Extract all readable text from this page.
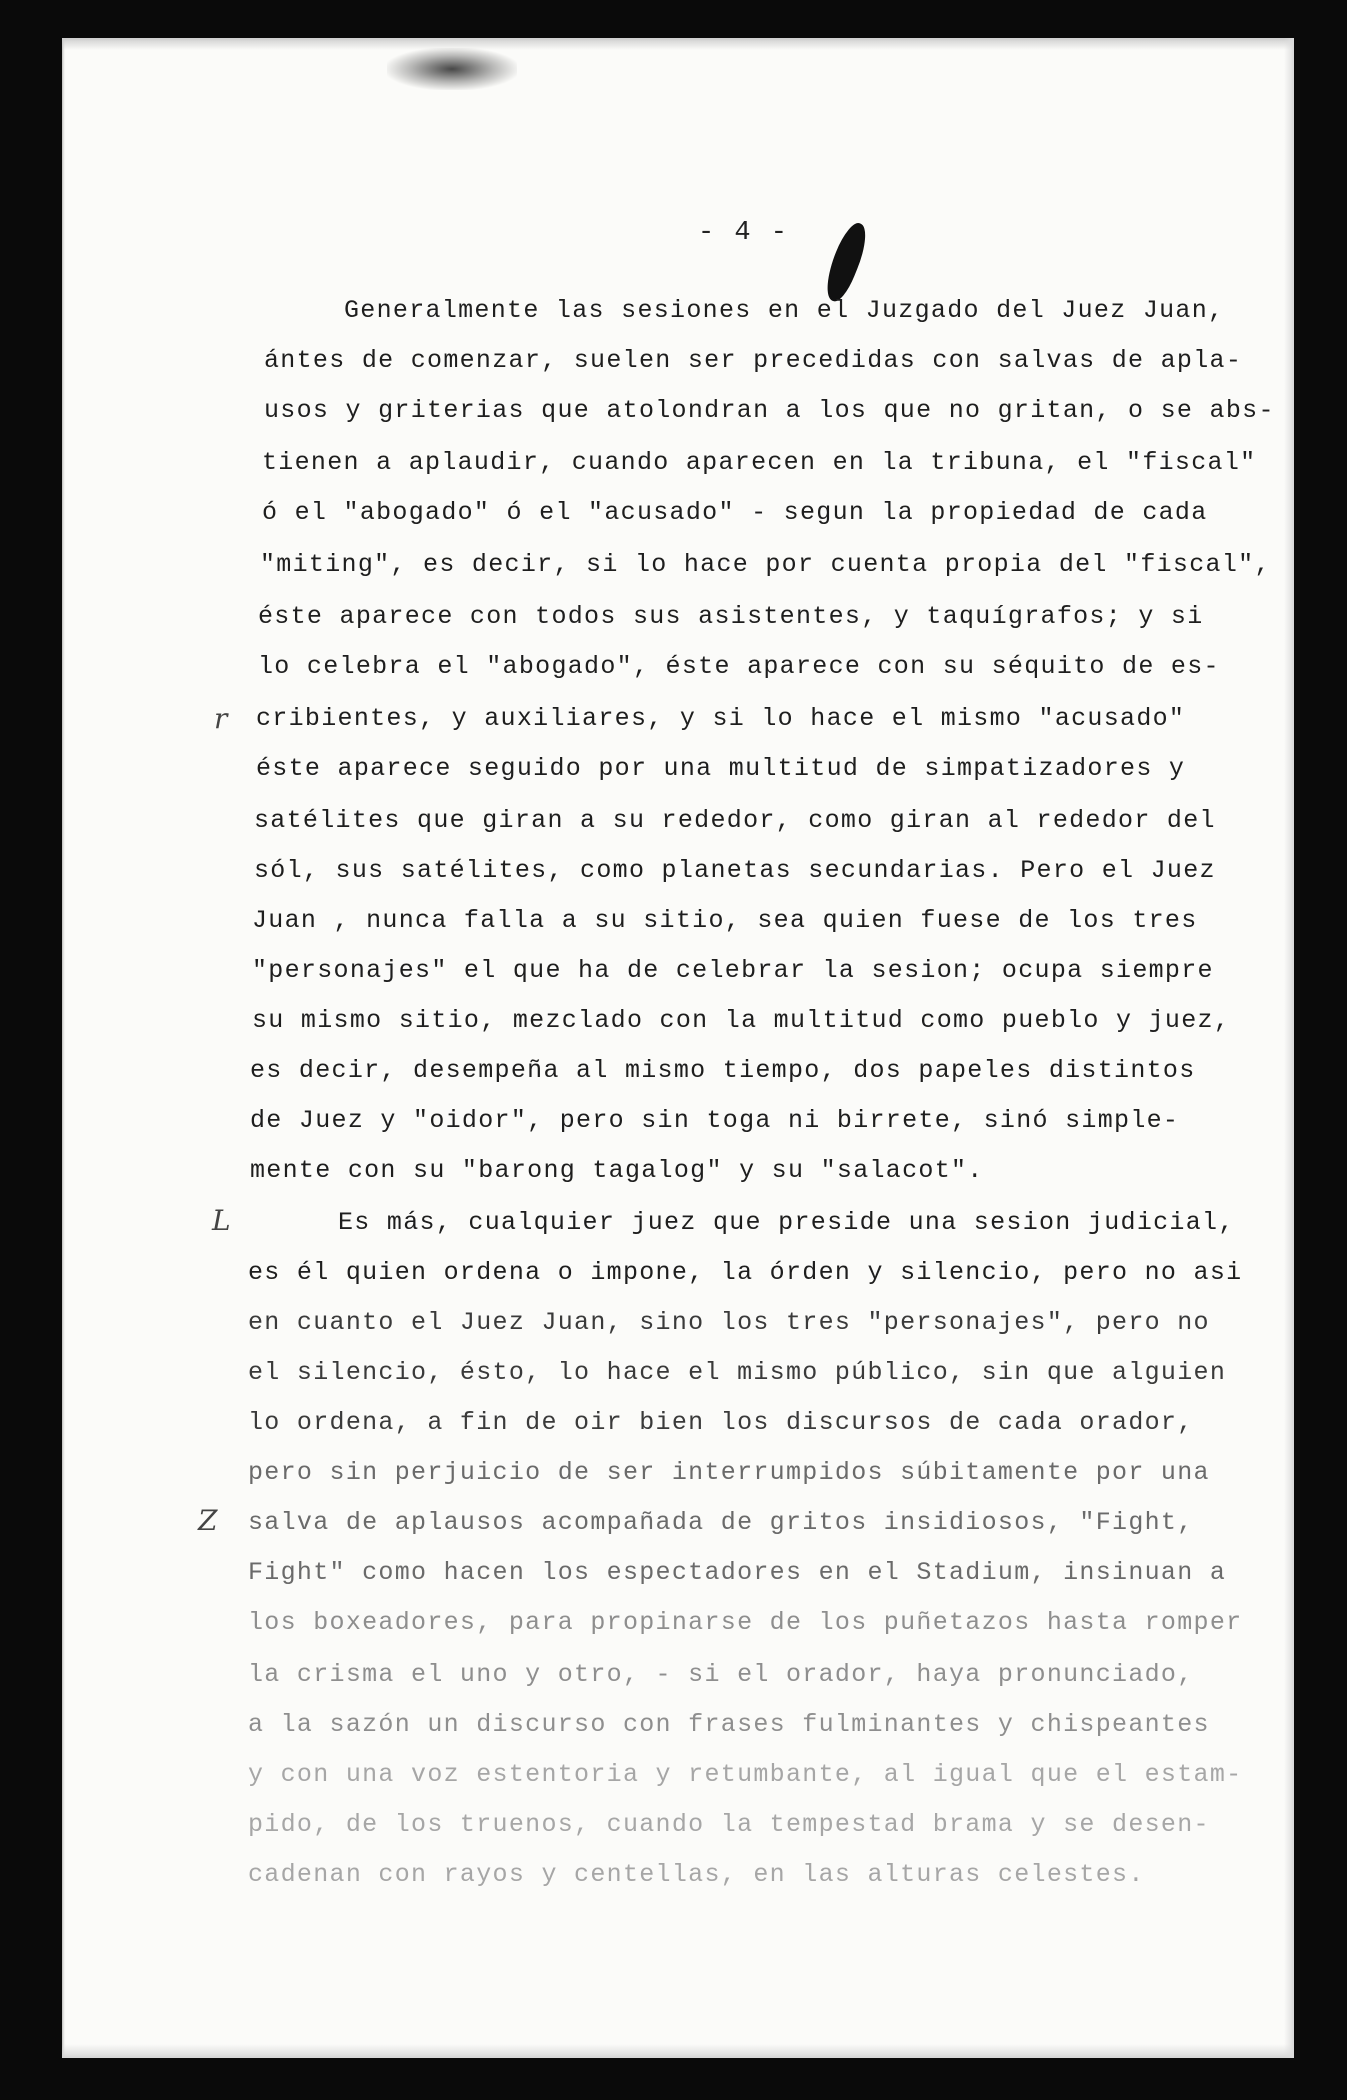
- 4 -
Generalmente las sesiones en el Juzgado del Juez Juan,
ántes de comenzar, suelen ser precedidas con salvas de apla-
usos y griterias que atolondran a los que no gritan, o se abs-
tienen a aplaudir, cuando aparecen en la tribuna, el "fiscal"
ó el "abogado" ó el "acusado" - segun la propiedad de cada
"miting", es decir, si lo hace por cuenta propia del "fiscal",
éste aparece con todos sus asistentes, y taquígrafos; y si
lo celebra el "abogado", éste aparece con su séquito de es-
cribientes, y auxiliares, y si lo hace el mismo "acusado"
éste aparece seguido por una multitud de simpatizadores y
satélites que giran a su rededor, como giran al rededor del
sól, sus satélites, como planetas secundarias. Pero el Juez
Juan , nunca falla a su sitio, sea quien fuese de los tres
"personajes" el que ha de celebrar la sesion; ocupa siempre
su mismo sitio, mezclado con la multitud como pueblo y juez,
es decir, desempeña al mismo tiempo, dos papeles distintos
de Juez y "oidor", pero sin toga ni birrete, sinó simple-
mente con su "barong tagalog" y su "salacot".
Es más, cualquier juez que preside una sesion judicial,
es él quien ordena o impone, la órden y silencio, pero no asi
en cuanto el Juez Juan, sino los tres "personajes", pero no
el silencio, ésto, lo hace el mismo público, sin que alguien
lo ordena, a fin de oir bien los discursos de cada orador,
pero sin perjuicio de ser interrumpidos súbitamente por una
salva de aplausos acompañada de gritos insidiosos, "Fight,
Fight" como hacen los espectadores en el Stadium, insinuan a
los boxeadores, para propinarse de los puñetazos hasta romper
la crisma el uno y otro, - si el orador, haya pronunciado,
a la sazón un discurso con frases fulminantes y chispeantes
y con una voz estentoria y retumbante, al igual que el estam-
pido, de los truenos, cuando la tempestad brama y se desen-
cadenan con rayos y centellas, en las alturas celestes.
r
L
Z
